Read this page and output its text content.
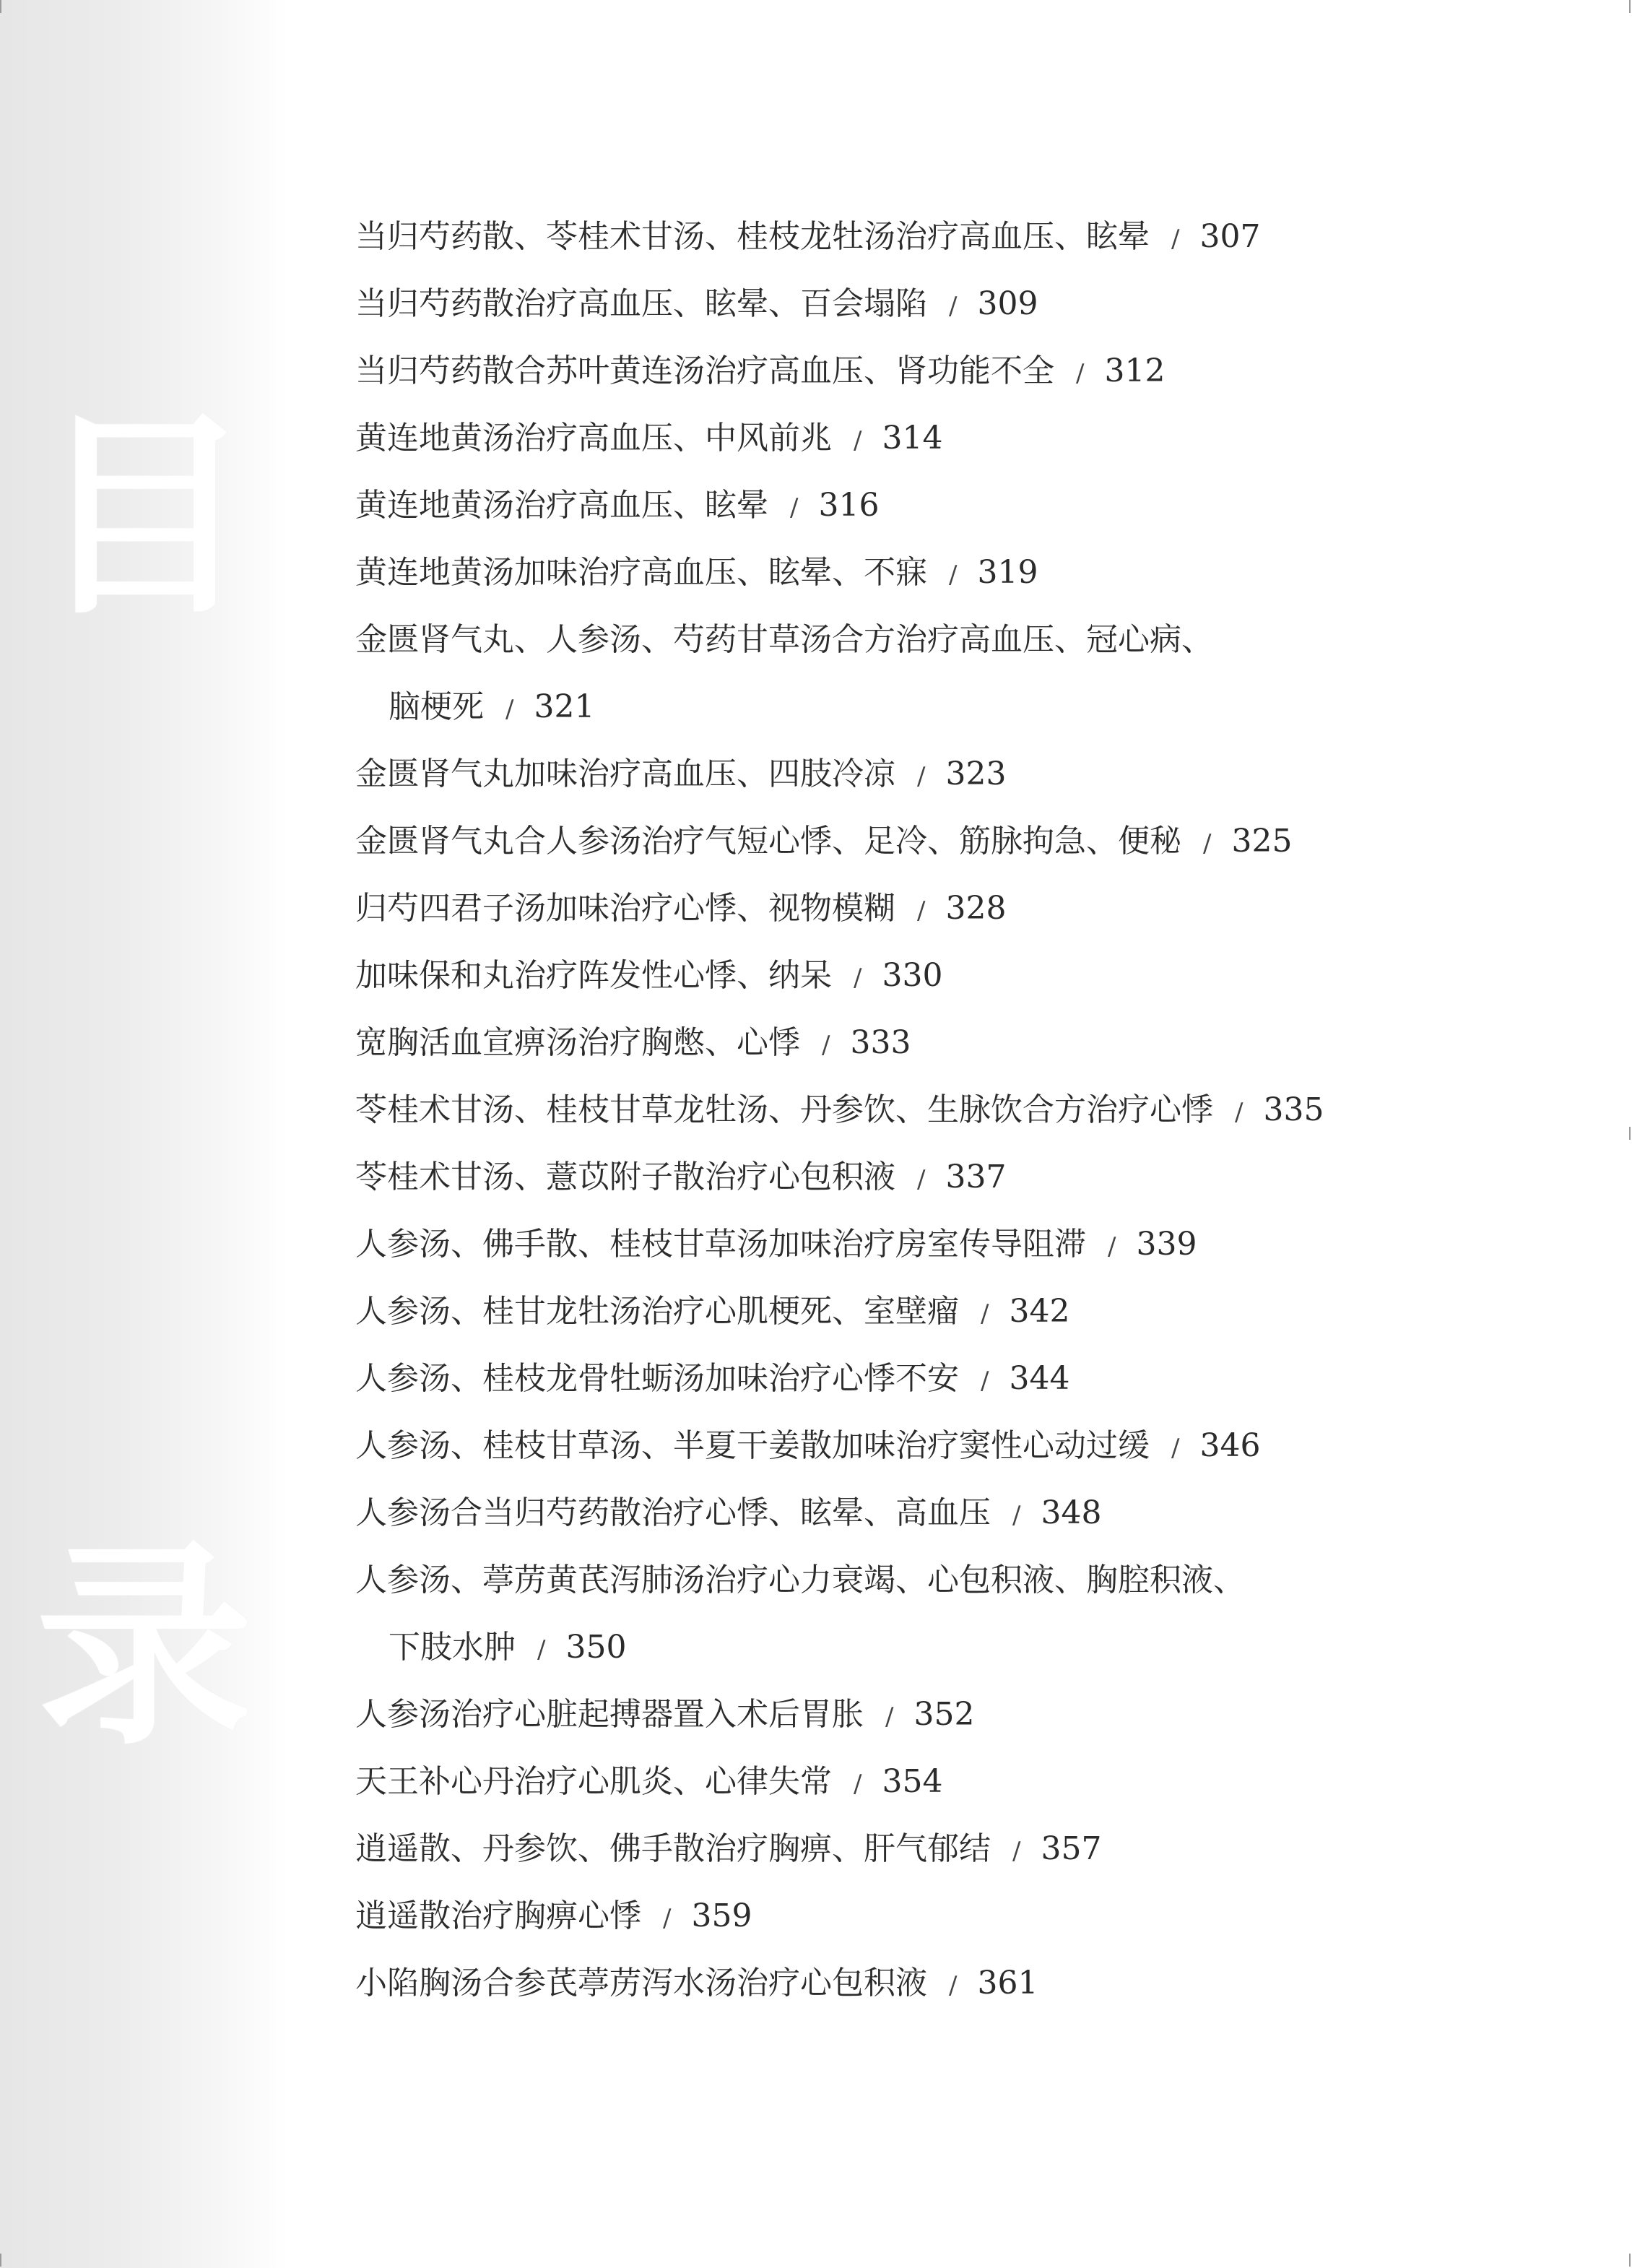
目
录
当归芍药散、苓桂术甘汤、桂枝龙牡汤治疗高血压、眩晕 / 307
当归芍药散治疗高血压、眩晕、百会塌陷 / 309
当归芍药散合苏叶黄连汤治疗高血压、肾功能不全 / 312
黄连地黄汤治疗高血压、中风前兆 / 314
黄连地黄汤治疗高血压、眩晕 / 316
黄连地黄汤加味治疗高血压、眩晕、不寐 / 319
金匮肾气丸、人参汤、芍药甘草汤合方治疗高血压、冠心病、
脑梗死 / 321
金匮肾气丸加味治疗高血压、四肢冷凉 / 323
金匮肾气丸合人参汤治疗气短心悸、足冷、筋脉拘急、便秘 / 325
归芍四君子汤加味治疗心悸、视物模糊 / 328
加味保和丸治疗阵发性心悸、纳呆 / 330
宽胸活血宣痹汤治疗胸憋、心悸 / 333
苓桂术甘汤、桂枝甘草龙牡汤、丹参饮、生脉饮合方治疗心悸 / 335
苓桂术甘汤、薏苡附子散治疗心包积液 / 337
人参汤、佛手散、桂枝甘草汤加味治疗房室传导阻滞 / 339
人参汤、桂甘龙牡汤治疗心肌梗死、室壁瘤 / 342
人参汤、桂枝龙骨牡蛎汤加味治疗心悸不安 / 344
人参汤、桂枝甘草汤、半夏干姜散加味治疗窦性心动过缓 / 346
人参汤合当归芍药散治疗心悸、眩晕、高血压 / 348
人参汤、葶苈黄芪泻肺汤治疗心力衰竭、心包积液、胸腔积液、
下肢水肿 / 350
人参汤治疗心脏起搏器置入术后胃胀 / 352
天王补心丹治疗心肌炎、心律失常 / 354
逍遥散、丹参饮、佛手散治疗胸痹、肝气郁结 / 357
逍遥散治疗胸痹心悸 / 359
小陷胸汤合参芪葶苈泻水汤治疗心包积液 / 361
